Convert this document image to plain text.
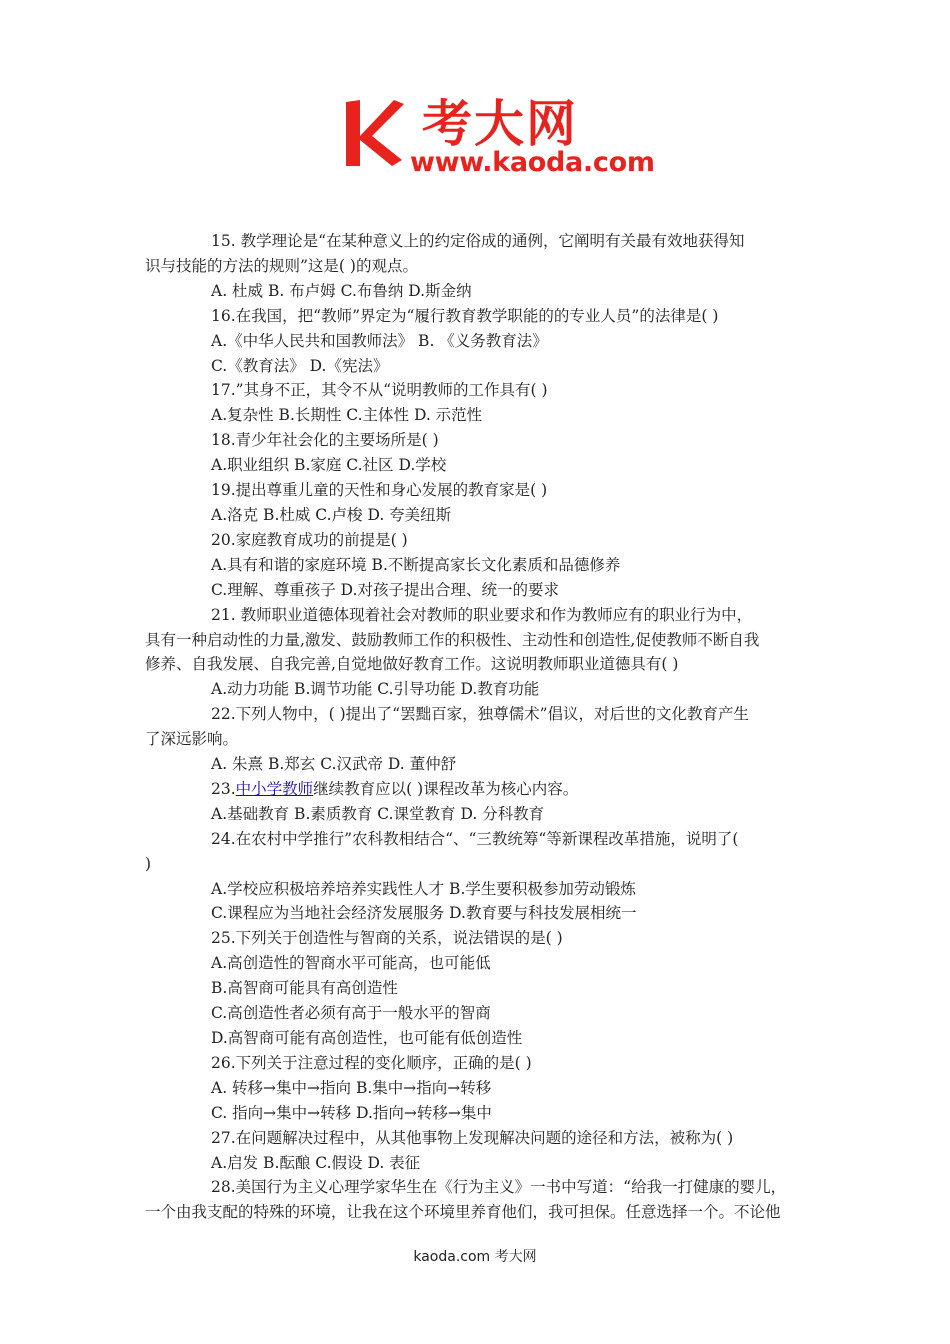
考大网
www.kaoda.com

15. 教学理论是“在某种意义上的约定俗成的通例，它阐明有关最有效地获得知

识与技能的方法的规则”这是( )的观点。

A. 杜威 B. 布卢姆 C.布鲁纳 D.斯金纳

16.在我国，把“教师”界定为“履行教育教学职能的的专业人员”的法律是( )

A.《中华人民共和国教师法》 B. 《义务教育法》

C.《教育法》 D.《宪法》

17.”其身不正，其令不从“说明教师的工作具有( )

A.复杂性 B.长期性 C.主体性 D. 示范性

18.青少年社会化的主要场所是( )

A.职业组织 B.家庭 C.社区 D.学校

19.提出尊重儿童的天性和身心发展的教育家是( )

A.洛克 B.杜威 C.卢梭 D. 夸美纽斯

20.家庭教育成功的前提是( )

A.具有和谐的家庭环境 B.不断提高家长文化素质和品德修养

C.理解、尊重孩子 D.对孩子提出合理、统一的要求

21. 教师职业道德体现着社会对教师的职业要求和作为教师应有的职业行为中，

具有一种启动性的力量,激发、鼓励教师工作的积极性、主动性和创造性,促使教师不断自我

修养、自我发展、自我完善,自觉地做好教育工作。这说明教师职业道德具有( )

A.动力功能 B.调节功能 C.引导功能 D.教育功能

22.下列人物中，( )提出了“罢黜百家，独尊儒术”倡议，对后世的文化教育产生

了深远影响。

A. 朱熹 B.郑玄 C.汉武帝 D. 董仲舒

23.中小学教师继续教育应以( )课程改革为核心内容。

A.基础教育 B.素质教育 C.课堂教育 D. 分科教育

24.在农村中学推行”农科教相结合“、“三教统筹“等新课程改革措施，说明了(

)

A.学校应积极培养培养实践性人才 B.学生要积极参加劳动锻炼

C.课程应为当地社会经济发展服务 D.教育要与科技发展相统一

25.下列关于创造性与智商的关系，说法错误的是( )

A.高创造性的智商水平可能高，也可能低

B.高智商可能具有高创造性

C.高创造性者必须有高于一般水平的智商

D.高智商可能有高创造性，也可能有低创造性

26.下列关于注意过程的变化顺序，正确的是( )

A. 转移→集中→指向 B.集中→指向→转移

C. 指向→集中→转移 D.指向→转移→集中

27.在问题解决过程中，从其他事物上发现解决问题的途径和方法，被称为( )

A.启发 B.酝酿 C.假设 D. 表征

28.美国行为主义心理学家华生在《行为主义》一书中写道：“给我一打健康的婴儿，

一个由我支配的特殊的环境，让我在这个环境里养育他们，我可担保。任意选择一个。不论他

kaoda.com 考大网
